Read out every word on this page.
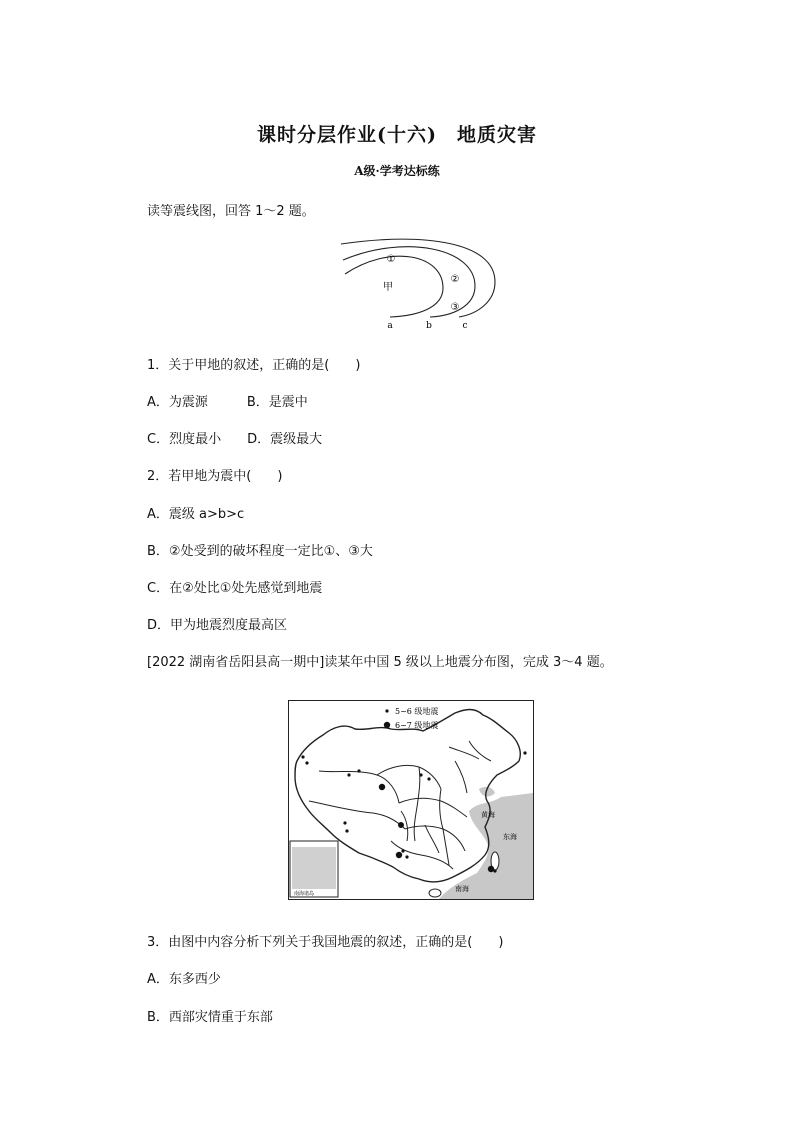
课时分层作业(十六)　地质灾害
A级·学考达标练
读等震线图，回答 1～2 题。
①
②
③
甲
a	b	c
1．关于甲地的叙述，正确的是(　　)
A．为震源　　　B．是震中
C．烈度最小　　D．震级最大
2．若甲地为震中(　　)
A．震级 a>b>c
B．②处受到的破坏程度一定比①、③大
C．在②处比①处先感觉到地震
D．甲为地震烈度最高区
[2022 湖南省岳阳县高一期中]读某年中国 5 级以上地震分布图，完成 3～4 题。
5~6 级地震
6~7 级地震
黄海
东海
南海
南海诸岛
3．由图中内容分析下列关于我国地震的叙述，正确的是(　　)
A．东多西少
B．西部灾情重于东部
